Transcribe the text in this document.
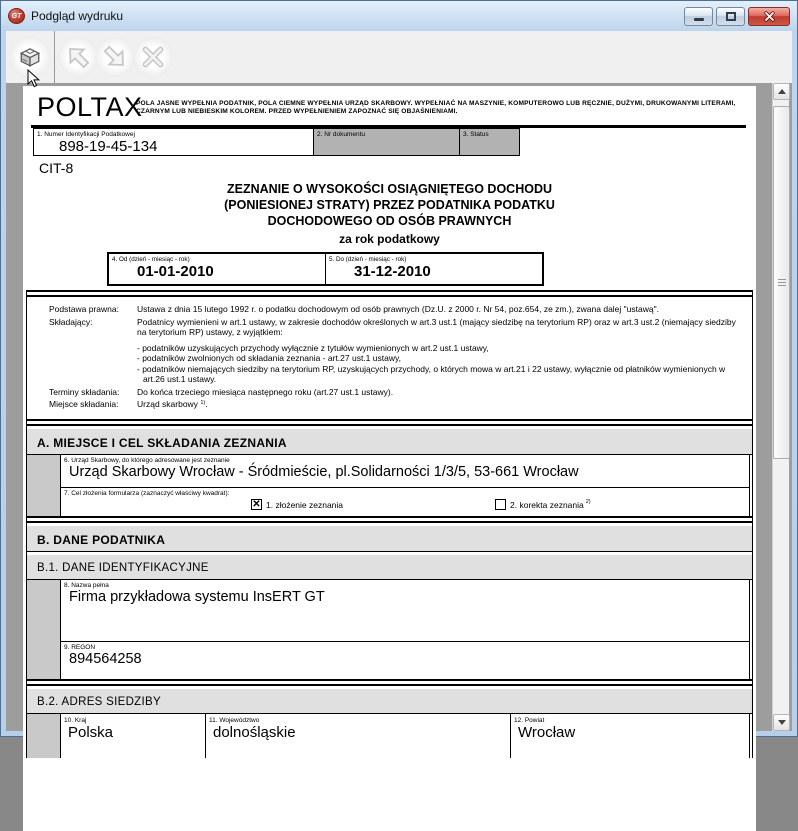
GT Podgląd wydruku
POLTAX
POLA JASNE WYPEŁNIA PODATNIK, POLA CIEMNE WYPEŁNIA URZĄD SKARBOWY. WYPEŁNIAĆ NA MASZYNIE, KOMPUTEROWO LUB RĘCZNIE, DUŻYMI, DRUKOWANYMI LITERAMI, CZARNYM LUB NIEBIESKIM KOLOREM. PRZED WYPEŁNIENIEM ZAPOZNAĆ SIĘ OBJAŚNIENIAMI.
1. Numer Identyfikacji Podatkowej
898-19-45-134
2. Nr dokumentu	3. Status
CIT-8
ZEZNANIE O WYSOKOŚCI OSIĄGNIĘTEGO DOCHODU
(PONIESIONEJ STRATY) PRZEZ PODATNIKA PODATKU
DOCHODOWEGO OD OSÓB PRAWNYCH
za rok podatkowy
4. Od (dzień - miesiąc - rok)
01-01-2010
5. Do (dzień - miesiąc - rok)
31-12-2010
Podstawa prawna:	Ustawa z dnia 15 lutego 1992 r. o podatku dochodowym od osób prawnych (Dz.U. z 2000 r. Nr 54, poz.654, ze zm.), zwana dalej "ustawą".
Składający:	Podatnicy wymienieni w art.1 ustawy, w zakresie dochodów określonych w art.3 ust.1 (mający siedzibę na terytorium RP) oraz w art.3 ust.2 (niemający siedziby na terytorium RP) ustawy, z wyjątkiem:
- podatników uzyskujących przychody wyłącznie z tytułów wymienionych w art.2 ust.1 ustawy,
- podatników zwolnionych od składania zeznania - art.27 ust.1 ustawy,
- podatników niemających siedziby na terytorium RP, uzyskujących przychody, o których mowa w art.21 i 22 ustawy, wyłącznie od płatników wymienionych w art.26 ust.1 ustawy.
Terminy składania:	Do końca trzeciego miesiąca następnego roku (art.27 ust.1 ustawy).
Miejsce składania:	Urząd skarbowy $^{1)}$.
A. MIEJSCE I CEL SKŁADANIA ZEZNANIA
6. Urząd Skarbowy, do którego adresowane jest zeznanie
Urząd Skarbowy Wrocław - Śródmieście, pl.Solidarności 1/3/5, 53-661 Wrocław
7. Cel złożenia formularza (zaznaczyć właściwy kwadrat):
✕ 1. złożenie zeznania	2. korekta zeznania 2)
B. DANE PODATNIKA
B.1. DANE IDENTYFIKACYJNE
8. Nazwa pełna
Firma przykładowa systemu InsERT GT
9. REGON
894564258
B.2. ADRES SIEDZIBY
10. Kraj
Polska
11. Województwo
dolnośląskie
12. Powiat
Wrocław
